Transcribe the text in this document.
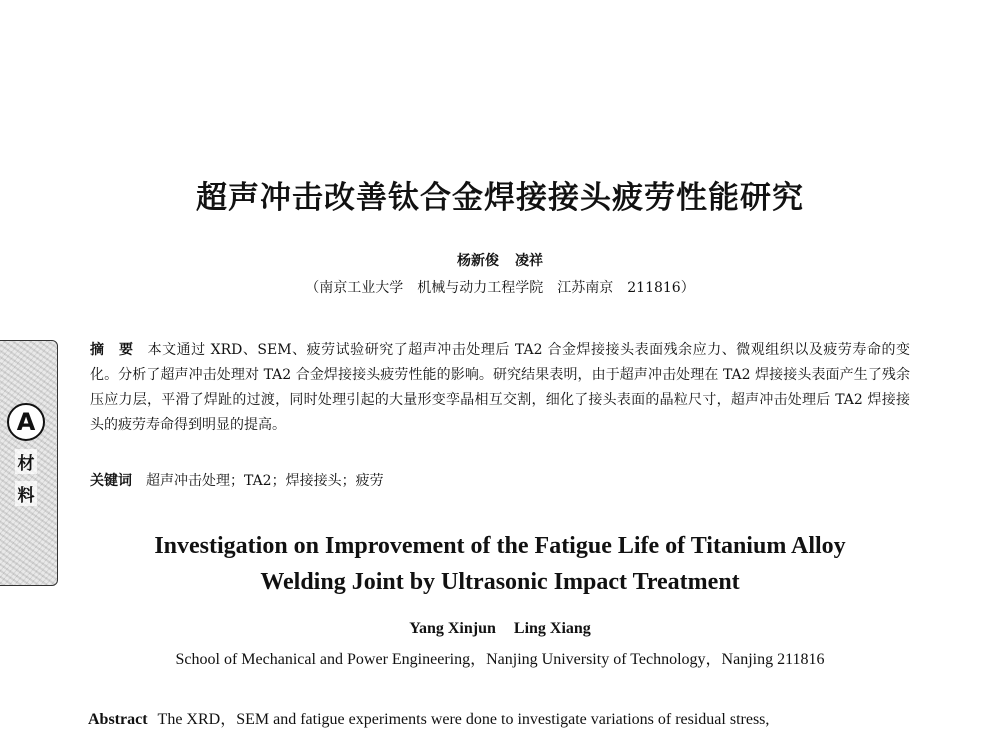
A
材
料
超声冲击改善钛合金焊接接头疲劳性能研究
杨新俊 凌祥
（南京工业大学　机械与动力工程学院　江苏南京　211816）
摘　要 本文通过 XRD、SEM、疲劳试验研究了超声冲击处理后 TA2 合金焊接接头表面残余应力、微观组织以及疲劳寿命的变化。分析了超声冲击处理对 TA2 合金焊接接头疲劳性能的影响。研究结果表明，由于超声冲击处理在 TA2 焊接接头表面产生了残余压应力层，平滑了焊趾的过渡，同时处理引起的大量形变孪晶相互交割，细化了接头表面的晶粒尺寸，超声冲击处理后 TA2 焊接接头的疲劳寿命得到明显的提高。
关键词 超声冲击处理；TA2；焊接接头；疲劳
Investigation on Improvement of the Fatigue Life of Titanium Alloy
Welding Joint by Ultrasonic Impact Treatment
Yang Xinjun Ling Xiang
School of Mechanical and Power Engineering，Nanjing University of Technology，Nanjing 211816
Abstract The XRD，SEM and fatigue experiments were done to investigate variations of residual stress,
